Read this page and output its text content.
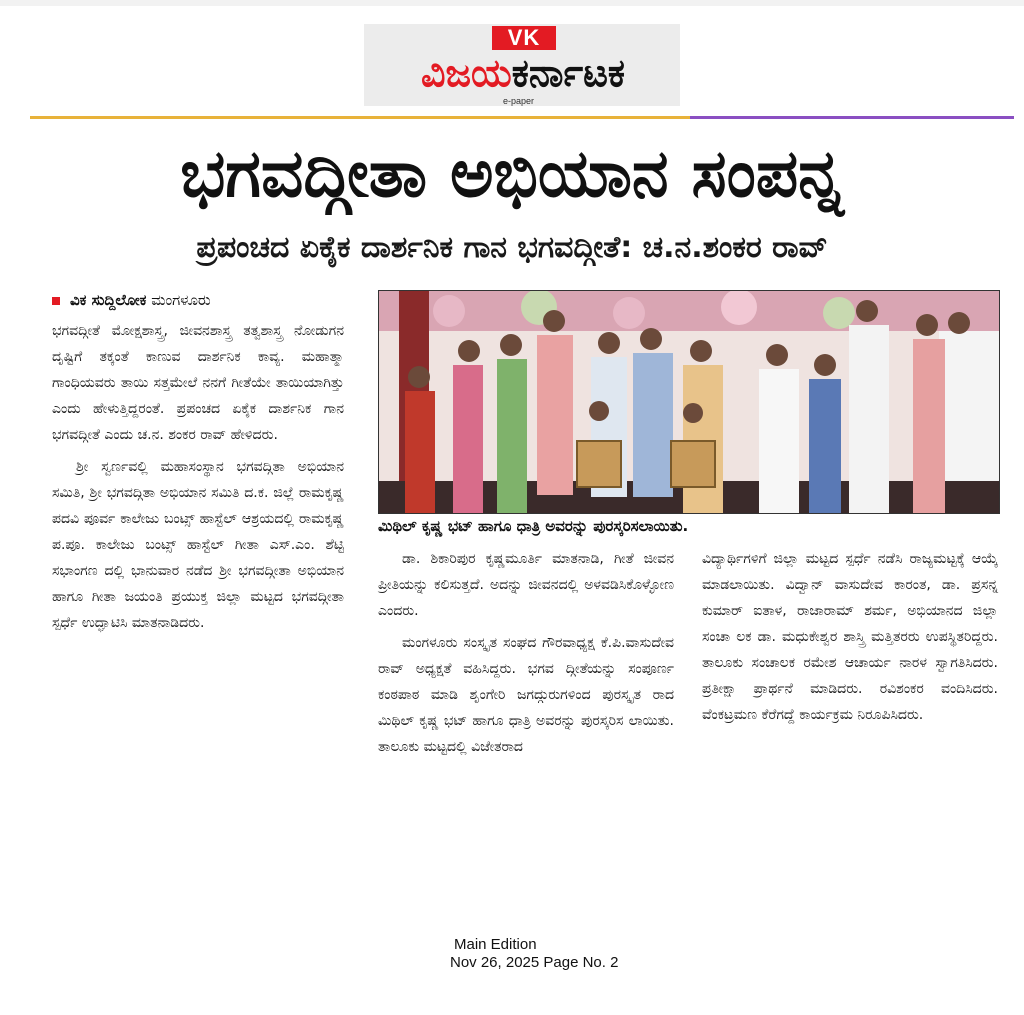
VK
ವಿಜಯಕರ್ನಾಟಕ
e-paper
ಭಗವದ್ಗೀತಾ ಅಭಿಯಾನ ಸಂಪನ್ನ
ಪ್ರಪಂಚದ ಏಕೈಕ ದಾರ್ಶನಿಕ ಗಾನ ಭಗವದ್ಗೀತೆ: ಚ.ನ.ಶಂಕರ ರಾವ್
ವಿಕ ಸುದ್ದಿಲೋಕ ಮಂಗಳೂರು

ಭಗವದ್ಗೀತೆ ಮೋಕ್ಷಶಾಸ್ತ್ರ, ಜೀವನಶಾಸ್ತ್ರ ತತ್ವಶಾಸ್ತ್ರ ನೋಡುಗನ ದೃಷ್ಟಿಗೆ ತಕ್ಕಂತೆ ಕಾಣುವ ದಾರ್ಶನಿಕ ಕಾವ್ಯ. ಮಹಾತ್ಮಾ ಗಾಂಧಿಯವರು ತಾಯಿ ಸತ್ತಮೇಲೆ ನನಗೆ ಗೀತೆಯೇ ತಾಯಿಯಾಗಿತ್ತು ಎಂದು ಹೇಳುತ್ತಿದ್ದರಂತೆ. ಪ್ರಪಂಚದ ಏಕೈಕ ದಾರ್ಶನಿಕ ಗಾನ ಭಗವದ್ಗೀತೆ ಎಂದು ಚ.ನ. ಶಂಕರ ರಾವ್ ಹೇಳಿದರು.

ಶ್ರೀ ಸ್ವರ್ಣವಲ್ಲಿ ಮಹಾಸಂಸ್ಥಾನ ಭಗವದ್ಗಿತಾ ಅಭಿಯಾನ ಸಮಿತಿ, ಶ್ರೀ ಭಗವದ್ಗಿತಾ ಅಭಿಯಾನ ಸಮಿತಿ ದ.ಕ. ಜಿಲ್ಲೆ ರಾಮಕೃಷ್ಣ ಪದವಿ ಪೂರ್ವ ಕಾಲೇಜು ಬಂಟ್ಸ್ ಹಾಸ್ಟೆಲ್ ಆಶ್ರಯದಲ್ಲಿ ರಾಮಕೃಷ್ಣ ಪ.ಪೂ. ಕಾಲೇಜು ಬಂಟ್ಸ್ ಹಾಸ್ಟೆಲ್ ಗೀತಾ ಎಸ್.ಎಂ. ಶೆಟ್ಟಿ ಸಭಾಂಗಣ ದಲ್ಲಿ ಭಾನುವಾರ ನಡೆದ ಶ್ರೀ ಭಗವದ್ಗೀತಾ ಅಭಿಯಾನ ಹಾಗೂ ಗೀತಾ ಜಯಂತಿ ಪ್ರಯುಕ್ತ ಜಿಲ್ಲಾ ಮಟ್ಟದ ಭಗವದ್ಗೀತಾ ಸ್ಪರ್ಧೆ ಉದ್ಘಾಟಿಸಿ ಮಾತನಾಡಿದರು.

ಮಿಥಿಲ್ ಕೃಷ್ಣ ಭಟ್ ಹಾಗೂ ಧಾತ್ರಿ ಅವರನ್ನು ಪುರಸ್ಕರಿಸಲಾಯಿತು.

ಡಾ. ಶಿಕಾರಿಪುರ ಕೃಷ್ಣಮೂರ್ತಿ ಮಾತನಾಡಿ, ಗೀತೆ ಜೀವನ ಪ್ರೀತಿಯನ್ನು ಕಲಿಸುತ್ತದೆ. ಅದನ್ನು ಜೀವನದಲ್ಲಿ ಅಳವಡಿಸಿಕೊಳ್ಳೋಣ ಎಂದರು.

ಮಂಗಳೂರು ಸಂಸ್ಕೃತ ಸಂಘದ ಗೌರವಾಧ್ಯಕ್ಷ ಕೆ.ಪಿ.ವಾಸುದೇವ ರಾವ್ ಅಧ್ಯಕ್ಷತೆ ವಹಿಸಿದ್ದರು. ಭಗವ ದ್ಗೀತೆಯನ್ನು ಸಂಪೂರ್ಣ ಕಂಠಪಾಠ ಮಾಡಿ ಶೃಂಗೇರಿ ಜಗದ್ಗುರುಗಳಿಂದ ಪುರಸ್ಕೃತ ರಾದ ಮಿಥಿಲ್ ಕೃಷ್ಣ ಭಟ್ ಹಾಗೂ ಧಾತ್ರಿ ಅವರನ್ನು ಪುರಸ್ಕರಿಸ ಲಾಯಿತು. ತಾಲೂಕು ಮಟ್ಟದಲ್ಲಿ ವಿಜೇತರಾದ

ವಿದ್ಯಾರ್ಥಿಗಳಿಗೆ ಜಿಲ್ಲಾ ಮಟ್ಟದ ಸ್ಪರ್ಧೆ ನಡೆಸಿ ರಾಜ್ಯಮಟ್ಟಕ್ಕೆ ಆಯ್ಕೆ ಮಾಡಲಾಯಿತು. ವಿದ್ವಾನ್ ವಾಸುದೇವ ಕಾರಂತ, ಡಾ. ಪ್ರಸನ್ನ ಕುಮಾರ್ ಐತಾಳ, ರಾಜಾರಾಮ್ ಶರ್ಮ, ಅಭಿಯಾನದ ಜಿಲ್ಲಾ ಸಂಚಾ ಲಕ ಡಾ. ಮಧುಕೇಶ್ವರ ಶಾಸ್ತ್ರಿ ಮತ್ತಿತರರು ಉಪಸ್ಥಿತರಿದ್ದರು. ತಾಲೂಕು ಸಂಚಾಲಕ ರಮೇಶ ಆಚಾರ್ಯ ನಾರಳ ಸ್ವಾಗತಿಸಿದರು. ಪ್ರತೀಕ್ಷಾ ಪ್ರಾರ್ಥನೆ ಮಾಡಿದರು. ರವಿಶಂಕರ ವಂದಿಸಿದರು. ವೆಂಕಟ್ರಮಣ ಕೆರೆಗದ್ದೆ ಕಾರ್ಯಕ್ರಮ ನಿರೂಪಿಸಿದರು.

Main Edition
Nov 26, 2025 Page No. 2
